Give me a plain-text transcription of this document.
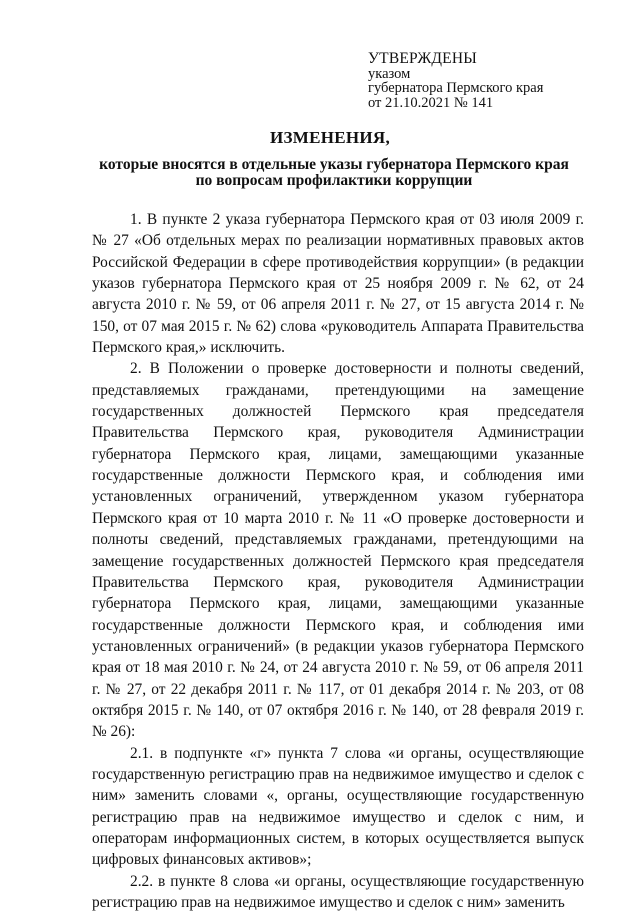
УТВЕРЖДЕНЫ
указом
губернатора Пермского края
от 21.10.2021 № 141
ИЗМЕНЕНИЯ,
которые вносятся в отдельные указы губернатора Пермского края
по вопросам профилактики коррупции

1. В пункте 2 указа губернатора Пермского края от 03 июля 2009 г. № 27 «Об отдельных мерах по реализации нормативных правовых актов Российской Федерации в сфере противодействия коррупции» (в редакции указов губернатора Пермского края от 25 ноября 2009 г. № 62, от 24 августа 2010 г. № 59, от 06 апреля 2011 г. № 27, от 15 августа 2014 г. № 150, от 07 мая 2015 г. № 62) слова «руководитель Аппарата Правительства Пермского края,» исключить.

2. В Положении о проверке достоверности и полноты сведений, представляемых гражданами, претендующими на замещение государственных должностей Пермского края председателя Правительства Пермского края, руководителя Администрации губернатора Пермского края, лицами, замещающими указанные государственные должности Пермского края, и соблюдения ими установленных ограничений, утвержденном указом губернатора Пермского края от 10 марта 2010 г. № 11 «О проверке достоверности и полноты сведений, представляемых гражданами, претендующими на замещение государственных должностей Пермского края председателя Правительства Пермского края, руководителя Администрации губернатора Пермского края, лицами, замещающими указанные государственные должности Пермского края, и соблюдения ими установленных ограничений» (в редакции указов губернатора Пермского края от 18 мая 2010 г. № 24, от 24 августа 2010 г. № 59, от 06 апреля 2011 г. № 27, от 22 декабря 2011 г. № 117, от 01 декабря 2014 г. № 203, от 08 октября 2015 г. № 140, от 07 октября 2016 г. № 140, от 28 февраля 2019 г. № 26):

2.1. в подпункте «г» пункта 7 слова «и органы, осуществляющие государственную регистрацию прав на недвижимое имущество и сделок с ним» заменить словами «, органы, осуществляющие государственную регистрацию прав на недвижимое имущество и сделок с ним, и операторам информационных систем, в которых осуществляется выпуск цифровых финансовых активов»;

2.2. в пункте 8 слова «и органы, осуществляющие государственную регистрацию прав на недвижимое имущество и сделок с ним» заменить
